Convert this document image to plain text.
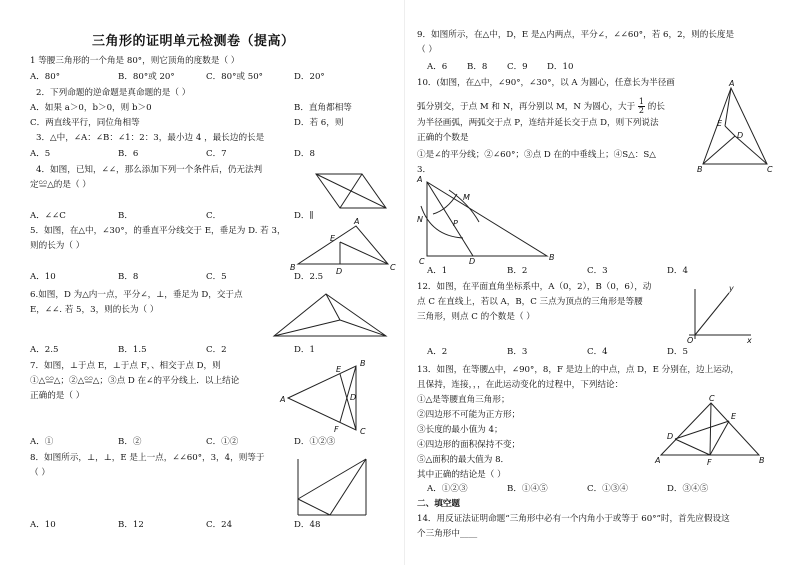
三角形的证明单元检测卷（提高）
1 等腰三角形的一个角是 80°，则它顶角的度数是（ ）
A．80°	B．80°或 20°	C．80°或 50°	D．20°
2．下列命题的逆命题是真命题的是（ ）
A．如果 a＞0，b＞0，则 b＞0	B．直角都相等
C．两直线平行，同位角相等	D．若 6，则
3．△中，∠A：∠B：∠1：2：3，最小边 4 ，最长边的长是
A．5	B．6	C．7	D．8
4．如图，已知，∠∠，那么添加下列一个条件后，仍无法判
定≌△的是（ ）
A．∠∠C	B．	C．	D．∥
5．如图，在△中，∠30°，的垂直平分线交于 E，垂足为 D. 若 3，
则的长为（ ）
A
E
B	D	C
A．10	B．8	C．5	D．2.5
6.如图，D 为△内一点，平分∠，⊥，垂足为 D，交于点
E，∠∠. 若 5，3，则的长为（ ）
A．2.5	B．1.5	C．2	D．1
7．如图，⊥于点 E，⊥于点 F，、相交于点 D，则
①△≌△；②△≌△；③点 D 在∠的平分线上．以上结论
正确的是（ ）	A
E
D
B
C
F
A．①	B．②	C．①②	D．①②③
8．如图所示，⊥，⊥，E 是上一点，∠∠60°，3，4，则等于
（ ）
A．10	B．12	C．24	D．48
9．如图所示，在△中，D，E 是△内两点，平分∠，∠∠60°，若 6，2，则的长度是
（ ）
A．6 B．8 C．9 D．10
A
E
D
B	C
10．(如图，在△中，∠90°，∠30°，以 A 为圆心，任意长为半径画
弧分别交，于点 M 和 N，再分别以 M，N 为圆心，大于 $\frac{1}{2}$ 的长
为半径画弧，两弧交于点 P，连结并延长交于点 D，则下列说法
正确的个数是
①是∠的平分线；②∠60°；③点 D 在的中垂线上；④S△：S△
3．
A
M
N	P
C	D	B
A．1	B．2	C．3	D．4
12．如图，在平面直角坐标系中，A（0，2），B（0，6），动
点 C 在直线上，若以 A，B，C 三点为顶点的三角形是等腰
三角形，则点 C 的个数是（ ）
y
x
O
A．2	B．3	C．4	D．5
13．如图，在等腰△中，∠90°，8，F 是边上的中点，点 D，E 分别在，边上运动，
且保持，连接，，，在此运动变化的过程中，下列结论：
①△是等腰直角三角形；
②四边形不可能为正方形；
③长度的最小值为 4；
④四边形的面积保持不变；
⑤△面积的最大值为 8．
其中正确的结论是（ ）
C
E
D
A	F	B
A．①②③	B．①④⑤	C．①③④	D．③④⑤
二、填空题
14．用反证法证明命题“三角形中必有一个内角小于或等于 60°”时，首先应假设这
个三角形中____
